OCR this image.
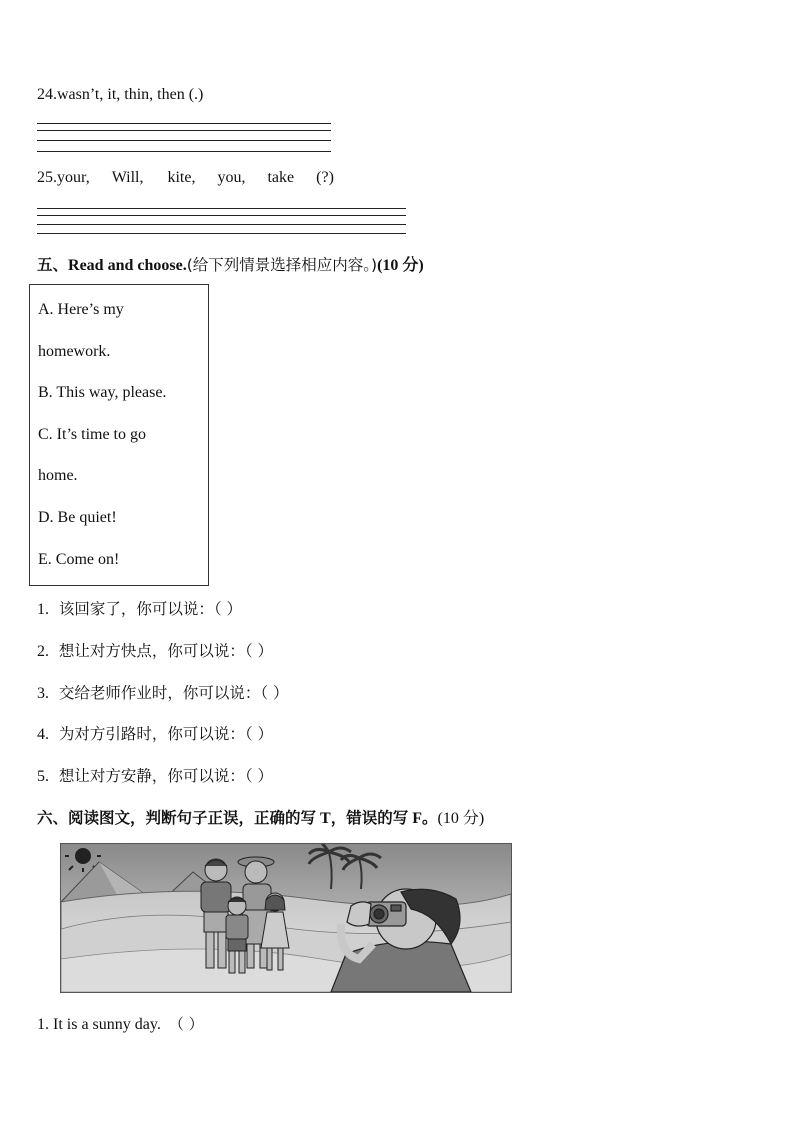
24.wasn’t, it, thin, then (.)
25.your, Will, kite, you, take (?)
五、Read and choose.(给下列情景选择相应内容。)(10 分)
A. Here’s my
homework.
B. This way, please.
C. It’s time to go
home.
D. Be quiet!
E. Come on!
1. 该回家了，你可以说：（ ）
2. 想让对方快点，你可以说：（ ）
3. 交给老师作业时，你可以说：（ ）
4. 为对方引路时，你可以说：（ ）
5. 想让对方安静，你可以说：（ ）
六、阅读图文，判断句子正误，正确的写 T，错误的写 F。(10 分)
1. It is a sunny day. （ ）
